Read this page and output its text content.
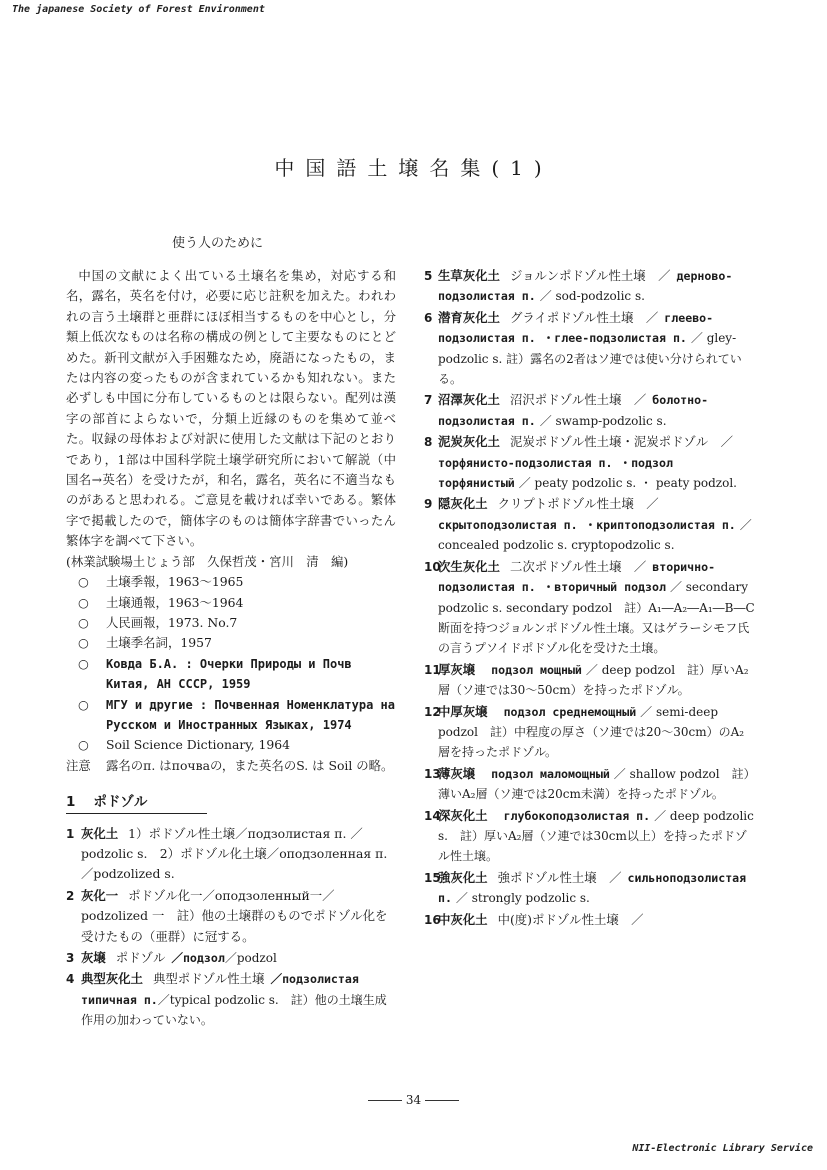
The japanese Society of Forest Environment
中国語土壌名集(1)
使う人のために

中国の文献によく出ている土壌名を集め，対応する和名，露名，英名を付け，必要に応じ註釈を加えた。われわれの言う土壌群と亜群にほぼ相当するものを中心とし，分類上低次なものは名称の構成の例として主要なものにとどめた。新刊文献が入手困難なため，廃語になったもの，または内容の変ったものが含まれているかも知れない。また必ずしも中国に分布しているものとは限らない。配列は漢字の部首によらないで，分類上近縁のものを集めて並べた。収録の母体および対訳に使用した文献は下記のとおりであり，1部は中国科学院土壌学研究所において解説（中国名→英名）を受けたが，和名，露名，英名に不適当なものがあると思われる。ご意見を載ければ幸いである。繁体字で掲載したので，簡体字のものは簡体字辞書でいったん繁体字を調べて下さい。

(林業試験場土じょう部　久保哲茂・宮川　清　編)

○	土壌季報，1963〜1965
○	土壌通報，1963〜1964
○	人民画報，1973. No.7
○	土壌季名詞，1957
○	Ковда Б.А. : Очерки Природы и Почв Китая, АН СССР, 1959
○	МГУ и другие : Почвенная Номенклатура на Русском и Иностранных Языках, 1974
○	Soil Science Dictionary, 1964

注意	露名のп. はпочваの，また英名のS. は Soil の略。

1 ポドゾル
1 灰化土 1）ポドゾル性土壌／подзолистая п. ／podzolic s.　2）ポドゾル化土壌／оподзоленная п. ／podzolized s.
2 灰化一 ポドゾル化一／оподзоленный一／podzolized 一　註）他の土壌群のものでポドゾル化を受けたもの（亜群）に冠する。
3 灰壌 ポドゾル ／подзол／podzol
4 典型灰化土 典型ポドゾル性土壌 ／подзолистая типичная п.／typical podzolic s.　註）他の土壌生成作用の加わっていない。
5 生草灰化土 ジョルンポドゾル性土壌　／ дерново-подзолистая п. ／ sod-podzolic s.
6 潜育灰化土 グライポドゾル性土壌　／ глеево-подзолистая п. ・глее-подзолистая п. ／ gley-podzolic s. 註）露名の2者はソ連では使い分けられている。
7 沼澤灰化土 沼沢ポドゾル性土壌　／ болотно-подзолистая п. ／ swamp-podzolic s.
8 泥炭灰化土 泥炭ポドゾル性土壌・泥炭ポドゾル　／торфянисто-подзолистая п. ・подзол торфянистый ／ peaty podzolic s. ・ peaty podzol.
9 隠灰化土 クリプトポドゾル性土壌　／скрытоподзолистая п. ・криптоподзолистая п. ／ concealed podzolic s. cryptopodzolic s.
10
次生灰化土 二次ポドゾル性土壌　／ вторично-подзолистая п. ・вторичный подзол ／ secondary podzolic s. secondary podzol　註）A₁―A₂―A₁―B―C断面を持つジョルンポドゾル性土壌。又はゲラーシモフ氏の言うプソイドポドゾル化を受けた土壌。
11
厚灰壌 подзол мощный ／ deep podzol　註）厚いA₂層（ソ連では30〜50cm）を持ったポドゾル。
12
中厚灰壌 подзол среднемощный ／ semi-deep podzol　註）中程度の厚さ（ソ連では20〜30cm）のA₂層を持ったポドゾル。
13
薄灰壌 подзол маломощный ／ shallow podzol　註）薄いA₂層（ソ連では20cm未満）を持ったポドゾル。
14
深灰化土 глубокоподзолистая п. ／ deep podzolic s.　註）厚いA₂層（ソ連では30cm以上）を持ったポドゾル性土壌。
15
強灰化土 強ポドゾル性土壌　／ сильноподзолистая п. ／ strongly podzolic s.
16
中灰化土 中(度)ポドゾル性土壌　／
34
NII-Electronic Library Service
